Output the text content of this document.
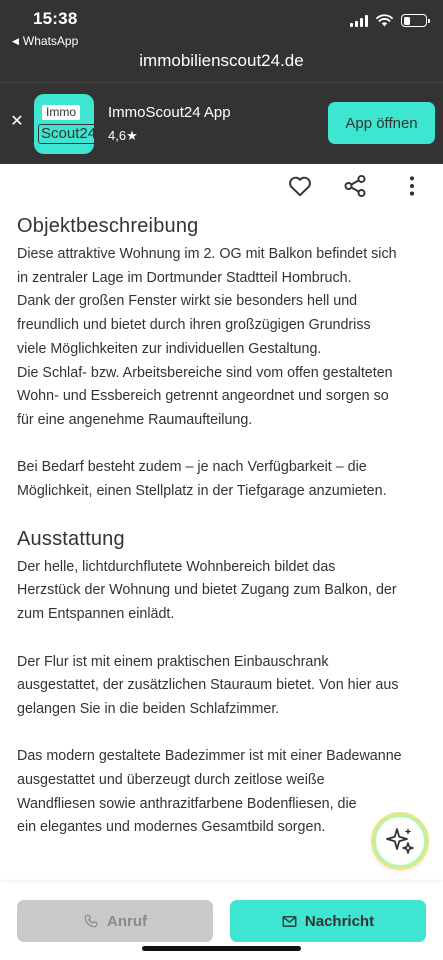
15:38
◀ WhatsApp
immobilienscout24.de
✕
Immo
Scout24
ImmoScout24 App
4,6★
App öffnen
Objektbeschreibung
Diese attraktive Wohnung im 2. OG mit Balkon befindet sich
in zentraler Lage im Dortmunder Stadtteil Hombruch.
Dank der großen Fenster wirkt sie besonders hell und
freundlich und bietet durch ihren großzügigen Grundriss
viele Möglichkeiten zur individuellen Gestaltung.
Die Schlaf- bzw. Arbeitsbereiche sind vom offen gestalteten
Wohn- und Essbereich getrennt angeordnet und sorgen so
für eine angenehme Raumaufteilung.
Bei Bedarf besteht zudem – je nach Verfügbarkeit – die
Möglichkeit, einen Stellplatz in der Tiefgarage anzumieten.
Ausstattung
Der helle, lichtdurchflutete Wohnbereich bildet das
Herzstück der Wohnung und bietet Zugang zum Balkon, der
zum Entspannen einlädt.
Der Flur ist mit einem praktischen Einbauschrank
ausgestattet, der zusätzlichen Stauraum bietet. Von hier aus
gelangen Sie in die beiden Schlafzimmer.
Das modern gestaltete Badezimmer ist mit einer Badewanne
ausgestattet und überzeugt durch zeitlose weiße
Wandfliesen sowie anthrazitfarbene Bodenfliesen, die
ein elegantes und modernes Gesamtbild sorgen.
Anruf	Nachricht
